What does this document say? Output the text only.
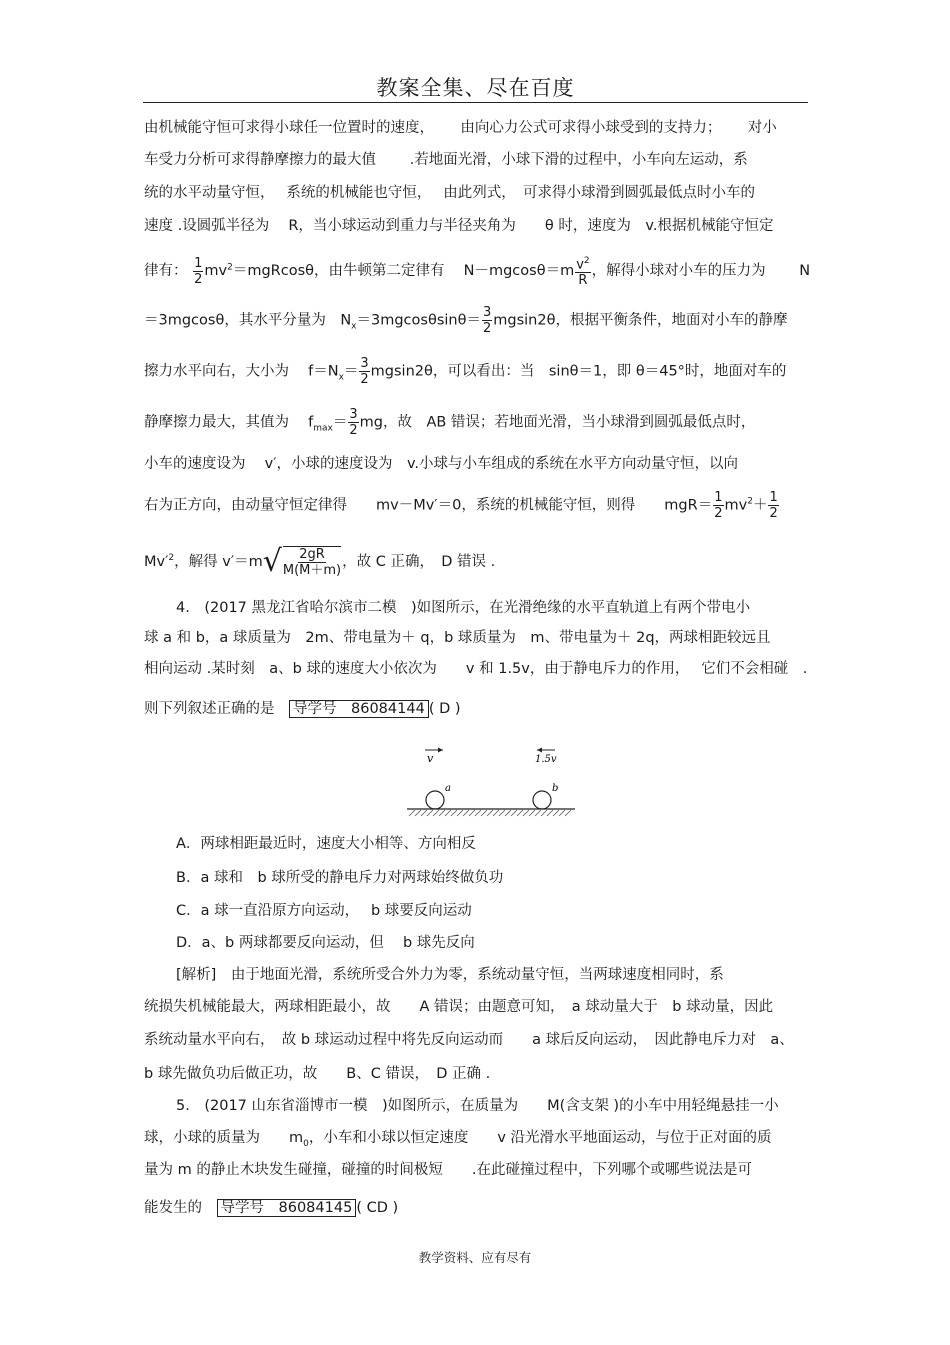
教案全集、尽在百度
由机械能守恒可求得小球任一位置时的速度，　　 由向心力公式可求得小球受到的支持力；　　 对小
车受力分析可求得静摩擦力的最大值　　 .若地面光滑，小球下滑的过程中，小车向左运动，系
统的水平动量守恒，　 系统的机械能也守恒，　 由此列式，　可求得小球滑到圆弧最低点时小车的
速度 .设圆弧半径为　 R，当小球运动到重力与半径夹角为　　θ 时，速度为　v.根据机械能守恒定
律有： $\frac{1}{2} mv^2=mgRcos\theta$，由牛顿第二定律有　 $N-mgcos\theta=m \frac{v^2}{R}$ ，解得小球对小车的压力为　　 N
＝3mgcosθ，其水平分量为　$N_x=3mgcos\theta\sin\theta= \frac{3}{2} mgsin2\theta$，根据平衡条件，地面对小车的静摩
擦力水平向右，大小为　 $f=N_x= \frac{3}{2} mgsin2\theta$，可以看出：当　sinθ＝1，即 θ＝45°时，地面对车的
静摩擦力最大，其值为　 $f_{max}= \frac{3}{2}$ mg，故　AB 错误；若地面光滑，当小球滑到圆弧最低点时，
小车的速度设为　 v′，小球的速度设为　v.小球与小车组成的系统在水平方向动量守恒，以向
右为正方向，由动量守恒定律得　　mv－Mv′＝0，系统的机械能守恒，则得　　$mgR= \frac{1}{2} mv^2+ \frac{1}{2}$
$Mv'^2$，解得 $v'=m√ \frac{2gR}{M(M+m)}$ ，故 C 正确，　D 错误 .
4.　(2017 黑龙江省哈尔滨市二模　)如图所示，在光滑绝缘的水平直轨道上有两个带电小
球 a 和 b，a 球质量为　2m、带电量为＋ q，b 球质量为　m、带电量为＋ 2q，两球相距较远且
相向运动 .某时刻　a、b 球的速度大小依次为　　v 和 1.5v，由于静电斥力的作用，　 它们不会相碰　.
则下列叙述正确的是　 导学号　86084144 ( D )
v	1.5v
a	b
A．两球相距最近时，速度大小相等、方向相反
B．a 球和　b 球所受的静电斥力对两球始终做负功
C．a 球一直沿原方向运动，　 b 球要反向运动
D．a、b 两球都要反向运动，但　 b 球先反向
[解析]　由于地面光滑，系统所受合外力为零，系统动量守恒，当两球速度相同时，系
统损失机械能最大，两球相距最小，故　　A 错误；由题意可知，　a 球动量大于　b 球动量，因此
系统动量水平向右，　故 b 球运动过程中将先反向运动而　　a 球后反向运动，　因此静电斥力对　a、
b 球先做负功后做正功，故　　B、C 错误，　D 正确 .
5.　(2017 山东省淄博市一模　)如图所示，在质量为　　M(含支架 )的小车中用轻绳悬挂一小
球，小球的质量为　　$m_0$，小车和小球以恒定速度　　v 沿光滑水平地面运动，与位于正对面的质
量为 m 的静止木块发生碰撞，碰撞的时间极短　　.在此碰撞过程中，下列哪个或哪些说法是可
能发生的　 导学号　86084145 ( CD )
教学资料、应有尽有
